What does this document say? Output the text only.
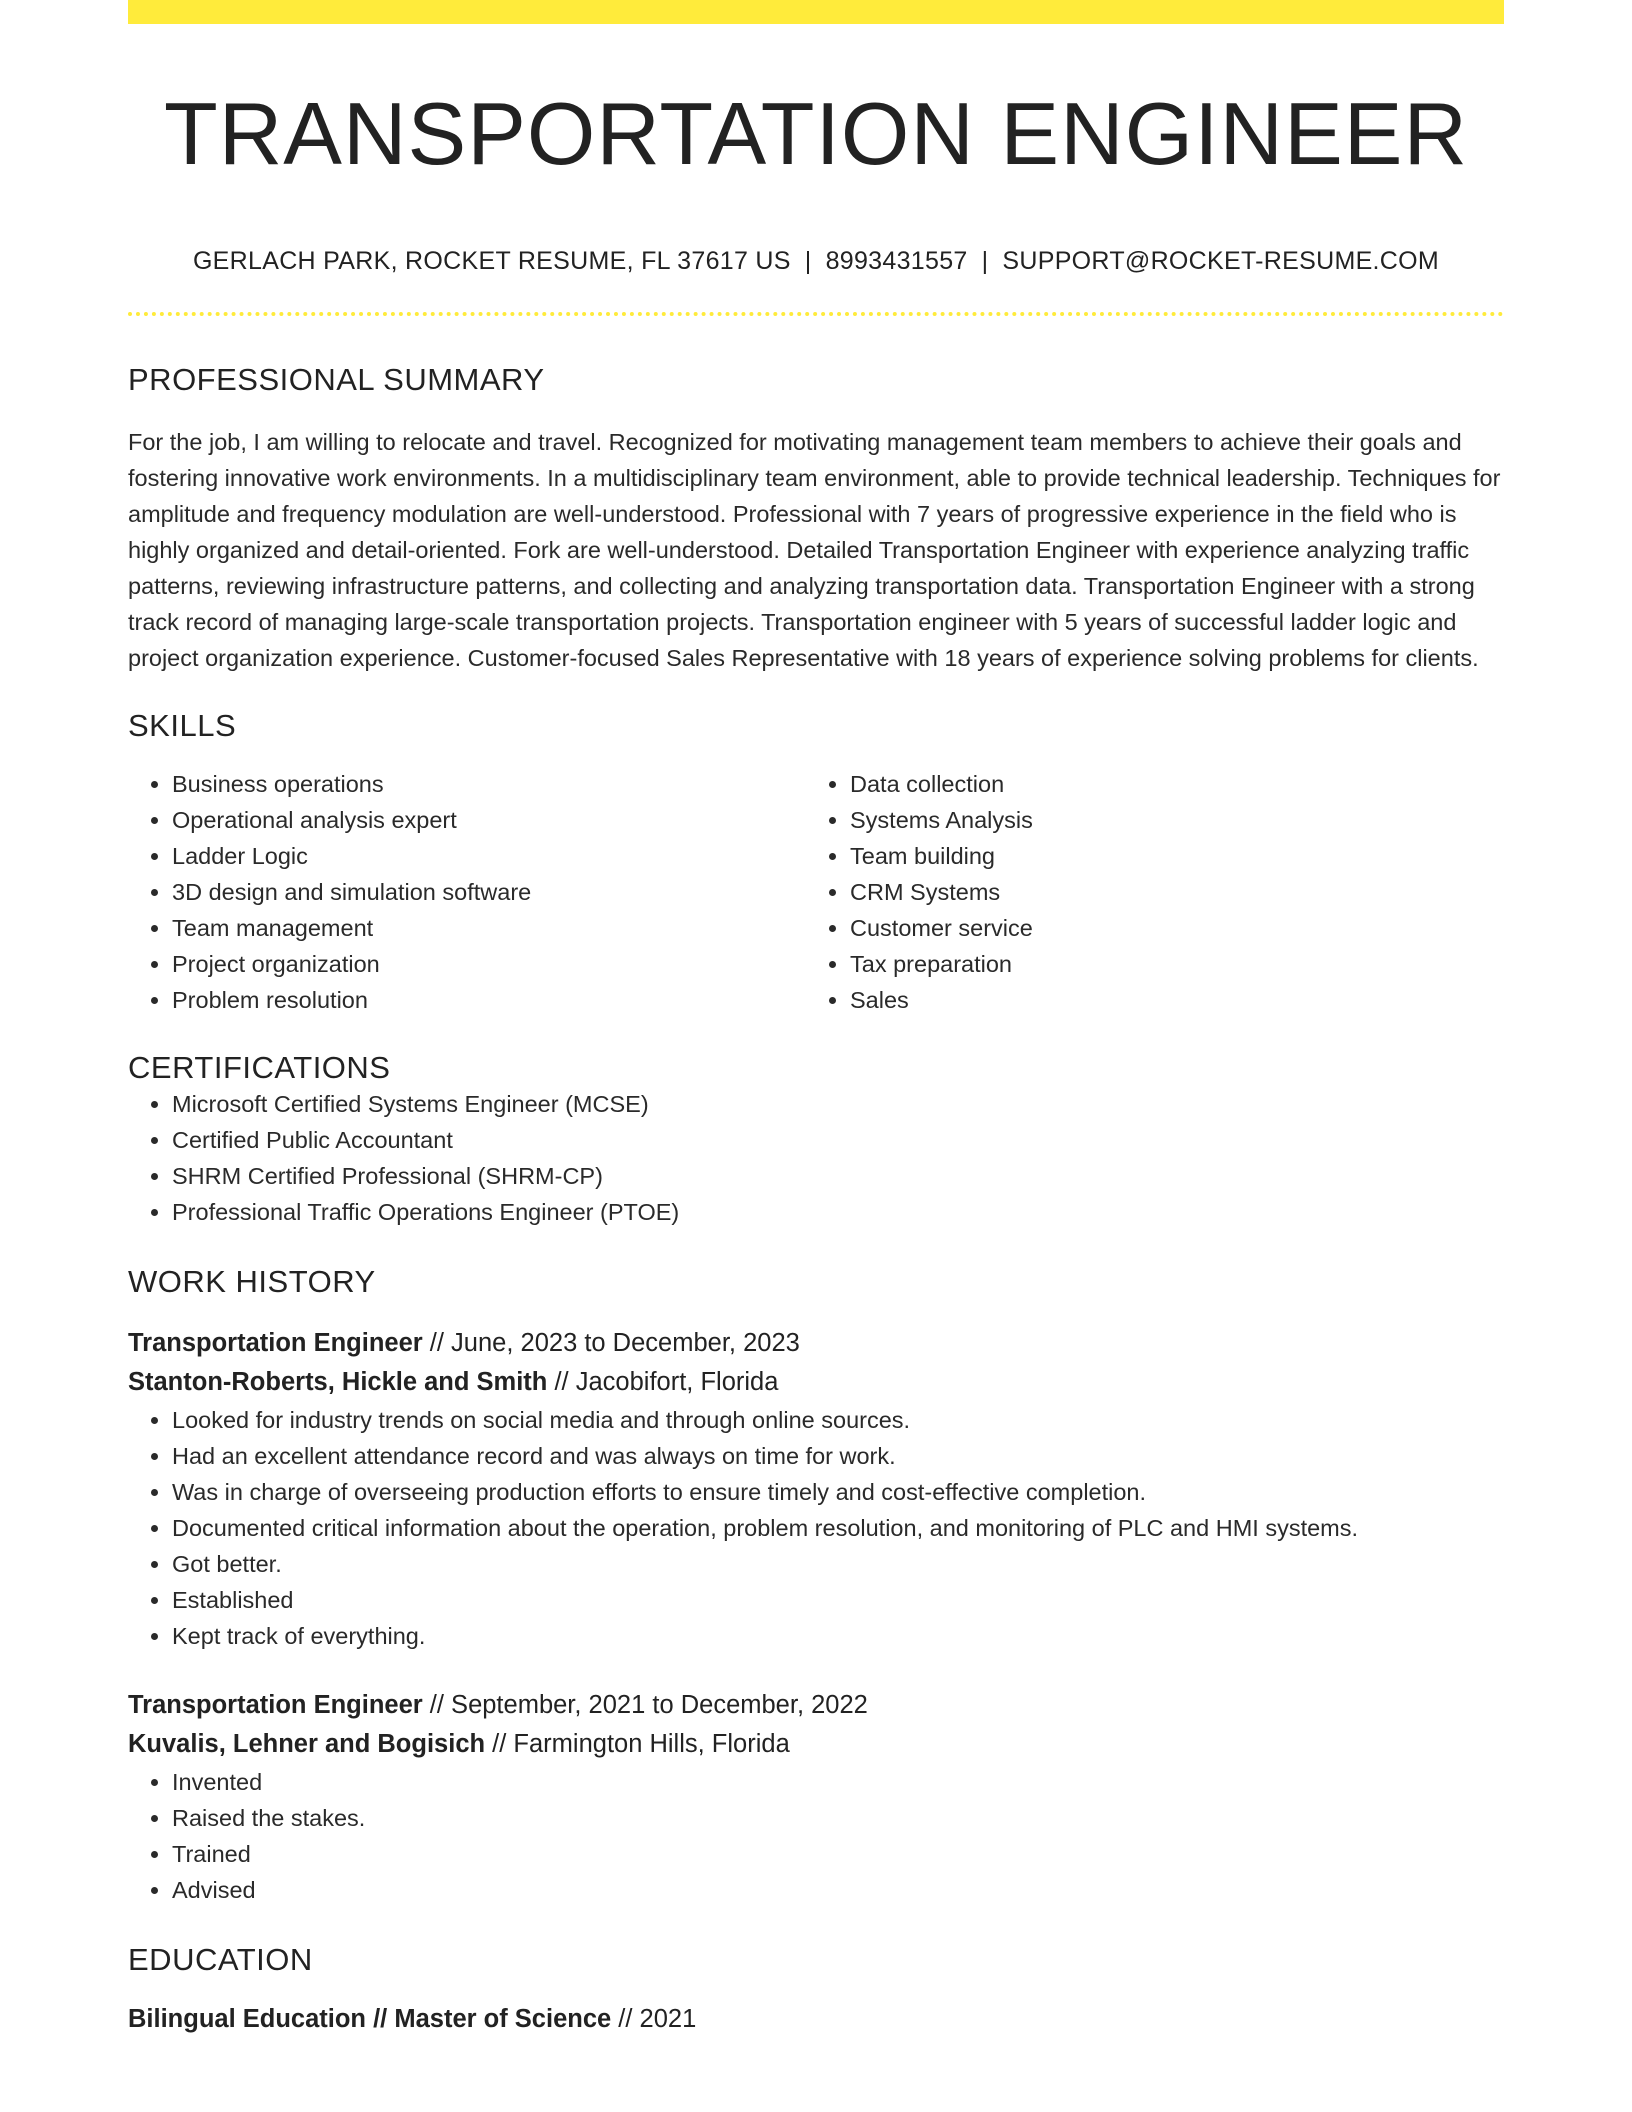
TRANSPORTATION ENGINEER
GERLACH PARK, ROCKET RESUME, FL 37617 US | 8993431557 | SUPPORT@ROCKET-RESUME.COM
PROFESSIONAL SUMMARY

For the job, I am willing to relocate and travel. Recognized for motivating management team members to achieve their goals and fostering innovative work environments. In a multidisciplinary team environment, able to provide technical leadership. Techniques for amplitude and frequency modulation are well-understood. Professional with 7 years of progressive experience in the field who is highly organized and detail-oriented. Fork are well-understood. Detailed Transportation Engineer with experience analyzing traffic patterns, reviewing infrastructure patterns, and collecting and analyzing transportation data. Transportation Engineer with a strong track record of managing large-scale transportation projects. Transportation engineer with 5 years of successful ladder logic and project organization experience. Customer-focused Sales Representative with 18 years of experience solving problems for clients.

SKILLS
• Business operations
• Operational analysis expert
• Ladder Logic
• 3D design and simulation software
• Team management
• Project organization
• Problem resolution
• Data collection
• Systems Analysis
• Team building
• CRM Systems
• Customer service
• Tax preparation
• Sales
CERTIFICATIONS
• Microsoft Certified Systems Engineer (MCSE)
• Certified Public Accountant
• SHRM Certified Professional (SHRM-CP)
• Professional Traffic Operations Engineer (PTOE)
WORK HISTORY
Transportation Engineer // June, 2023 to December, 2023
Stanton-Roberts, Hickle and Smith // Jacobifort, Florida
• Looked for industry trends on social media and through online sources.
• Had an excellent attendance record and was always on time for work.
• Was in charge of overseeing production efforts to ensure timely and cost-effective completion.
• Documented critical information about the operation, problem resolution, and monitoring of PLC and HMI systems.
• Got better.
• Established
• Kept track of everything.
Transportation Engineer // September, 2021 to December, 2022
Kuvalis, Lehner and Bogisich // Farmington Hills, Florida
• Invented
• Raised the stakes.
• Trained
• Advised
EDUCATION
Bilingual Education // Master of Science // 2021
